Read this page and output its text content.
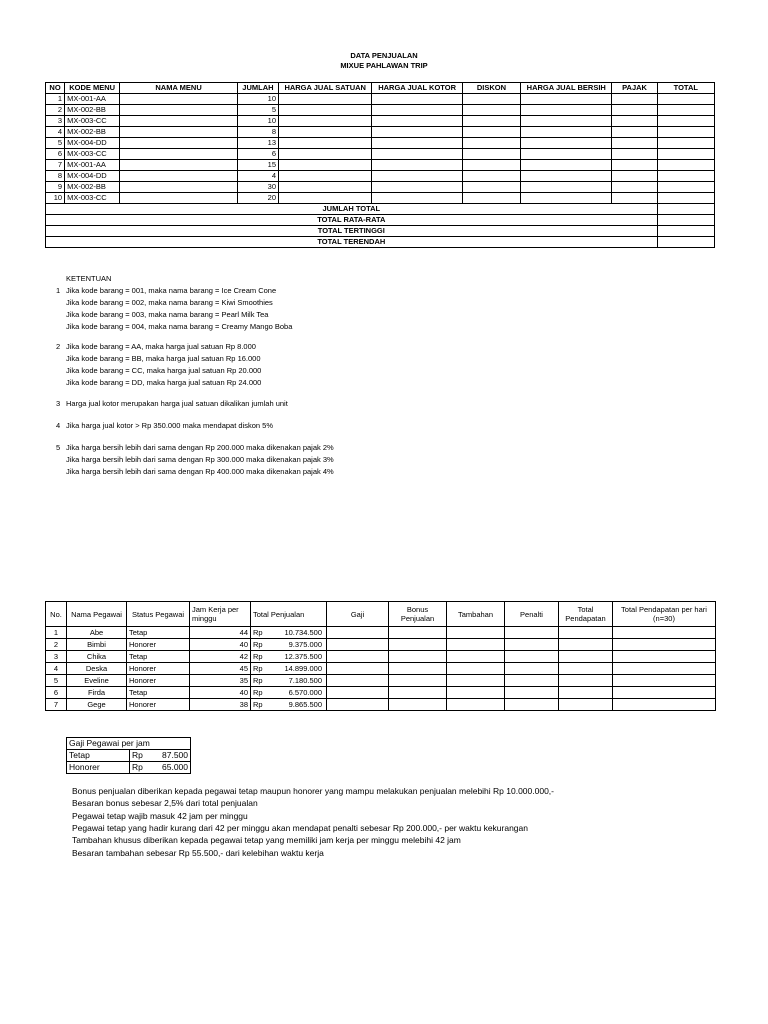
DATA PENJUALAN
MIXUE PAHLAWAN TRIP
NO	KODE MENU	NAMA MENU	JUMLAH	HARGA JUAL SATUAN	HARGA JUAL KOTOR	DISKON	HARGA JUAL BERSIH	PAJAK	TOTAL
1	MX-001-AA		10						
2	MX-002-BB		5						
3	MX-003-CC		10						
4	MX-002-BB		8						
5	MX-004-DD		13						
6	MX-003-CC		6						
7	MX-001-AA		15						
8	MX-004-DD		4						
9	MX-002-BB		30						
10	MX-003-CC		20						
JUMLAH TOTAL									
TOTAL RATA-RATA									
TOTAL TERTINGGI									
TOTAL TERENDAH									
KETENTUAN
1 Jika kode barang = 001, maka nama barang = Ice Cream Cone
Jika kode barang = 002, maka nama barang = Kiwi Smoothies
Jika kode barang = 003, maka nama barang = Pearl Milk Tea
Jika kode barang = 004, maka nama barang = Creamy Mango Boba
2 Jika kode barang = AA, maka harga jual satuan Rp 8.000
Jika kode barang = BB, maka harga jual satuan Rp 16.000
Jika kode barang = CC, maka harga jual satuan Rp 20.000
Jika kode barang = DD, maka harga jual satuan Rp 24.000
3 Harga jual kotor merupakan harga jual satuan dikalikan jumlah unit
4 Jika harga jual kotor > Rp 350.000 maka mendapat diskon 5%
5 Jika harga bersih lebih dari sama dengan Rp 200.000 maka dikenakan pajak 2%
Jika harga bersih lebih dari sama dengan Rp 300.000 maka dikenakan pajak 3%
Jika harga bersih lebih dari sama dengan Rp 400.000 maka dikenakan pajak 4%
No.	Nama Pegawai	Status Pegawai	Jam Kerja per minggu	Total Penjualan	Gaji	Bonus Penjualan	Tambahan	Penalti	Total Pendapatan	Total Pendapatan per hari (n=30)
1	Abe	Tetap	44	Rp 10.734.500						

2	Bimbi	Honorer	40	Rp 9.375.000						

3	Chika	Tetap	42	Rp 12.375.500						

4	Deska	Honorer	45	Rp 14.899.000						

5	Eveline	Honorer	35	Rp 7.180.500						

6	Firda	Tetap	40	Rp 6.570.000						

7	Gege	Honorer	38	Rp 9.865.500						

Gaji Pegawai per jam		
Tetap	Rp	87.500
Honorer	Rp	65.000
Bonus penjualan diberikan kepada pegawai tetap maupun honorer yang mampu melakukan penjualan melebihi Rp 10.000.000,-
Besaran bonus sebesar 2,5% dari total penjualan
Pegawai tetap wajib masuk 42 jam per minggu
Pegawai tetap yang hadir kurang dari 42 per minggu akan mendapat penalti sebesar Rp 200.000,- per waktu kekurangan
Tambahan khusus diberikan kepada pegawai tetap yang memiliki jam kerja per minggu melebihi 42 jam
Besaran tambahan sebesar Rp 55.500,- dari kelebihan waktu kerja
